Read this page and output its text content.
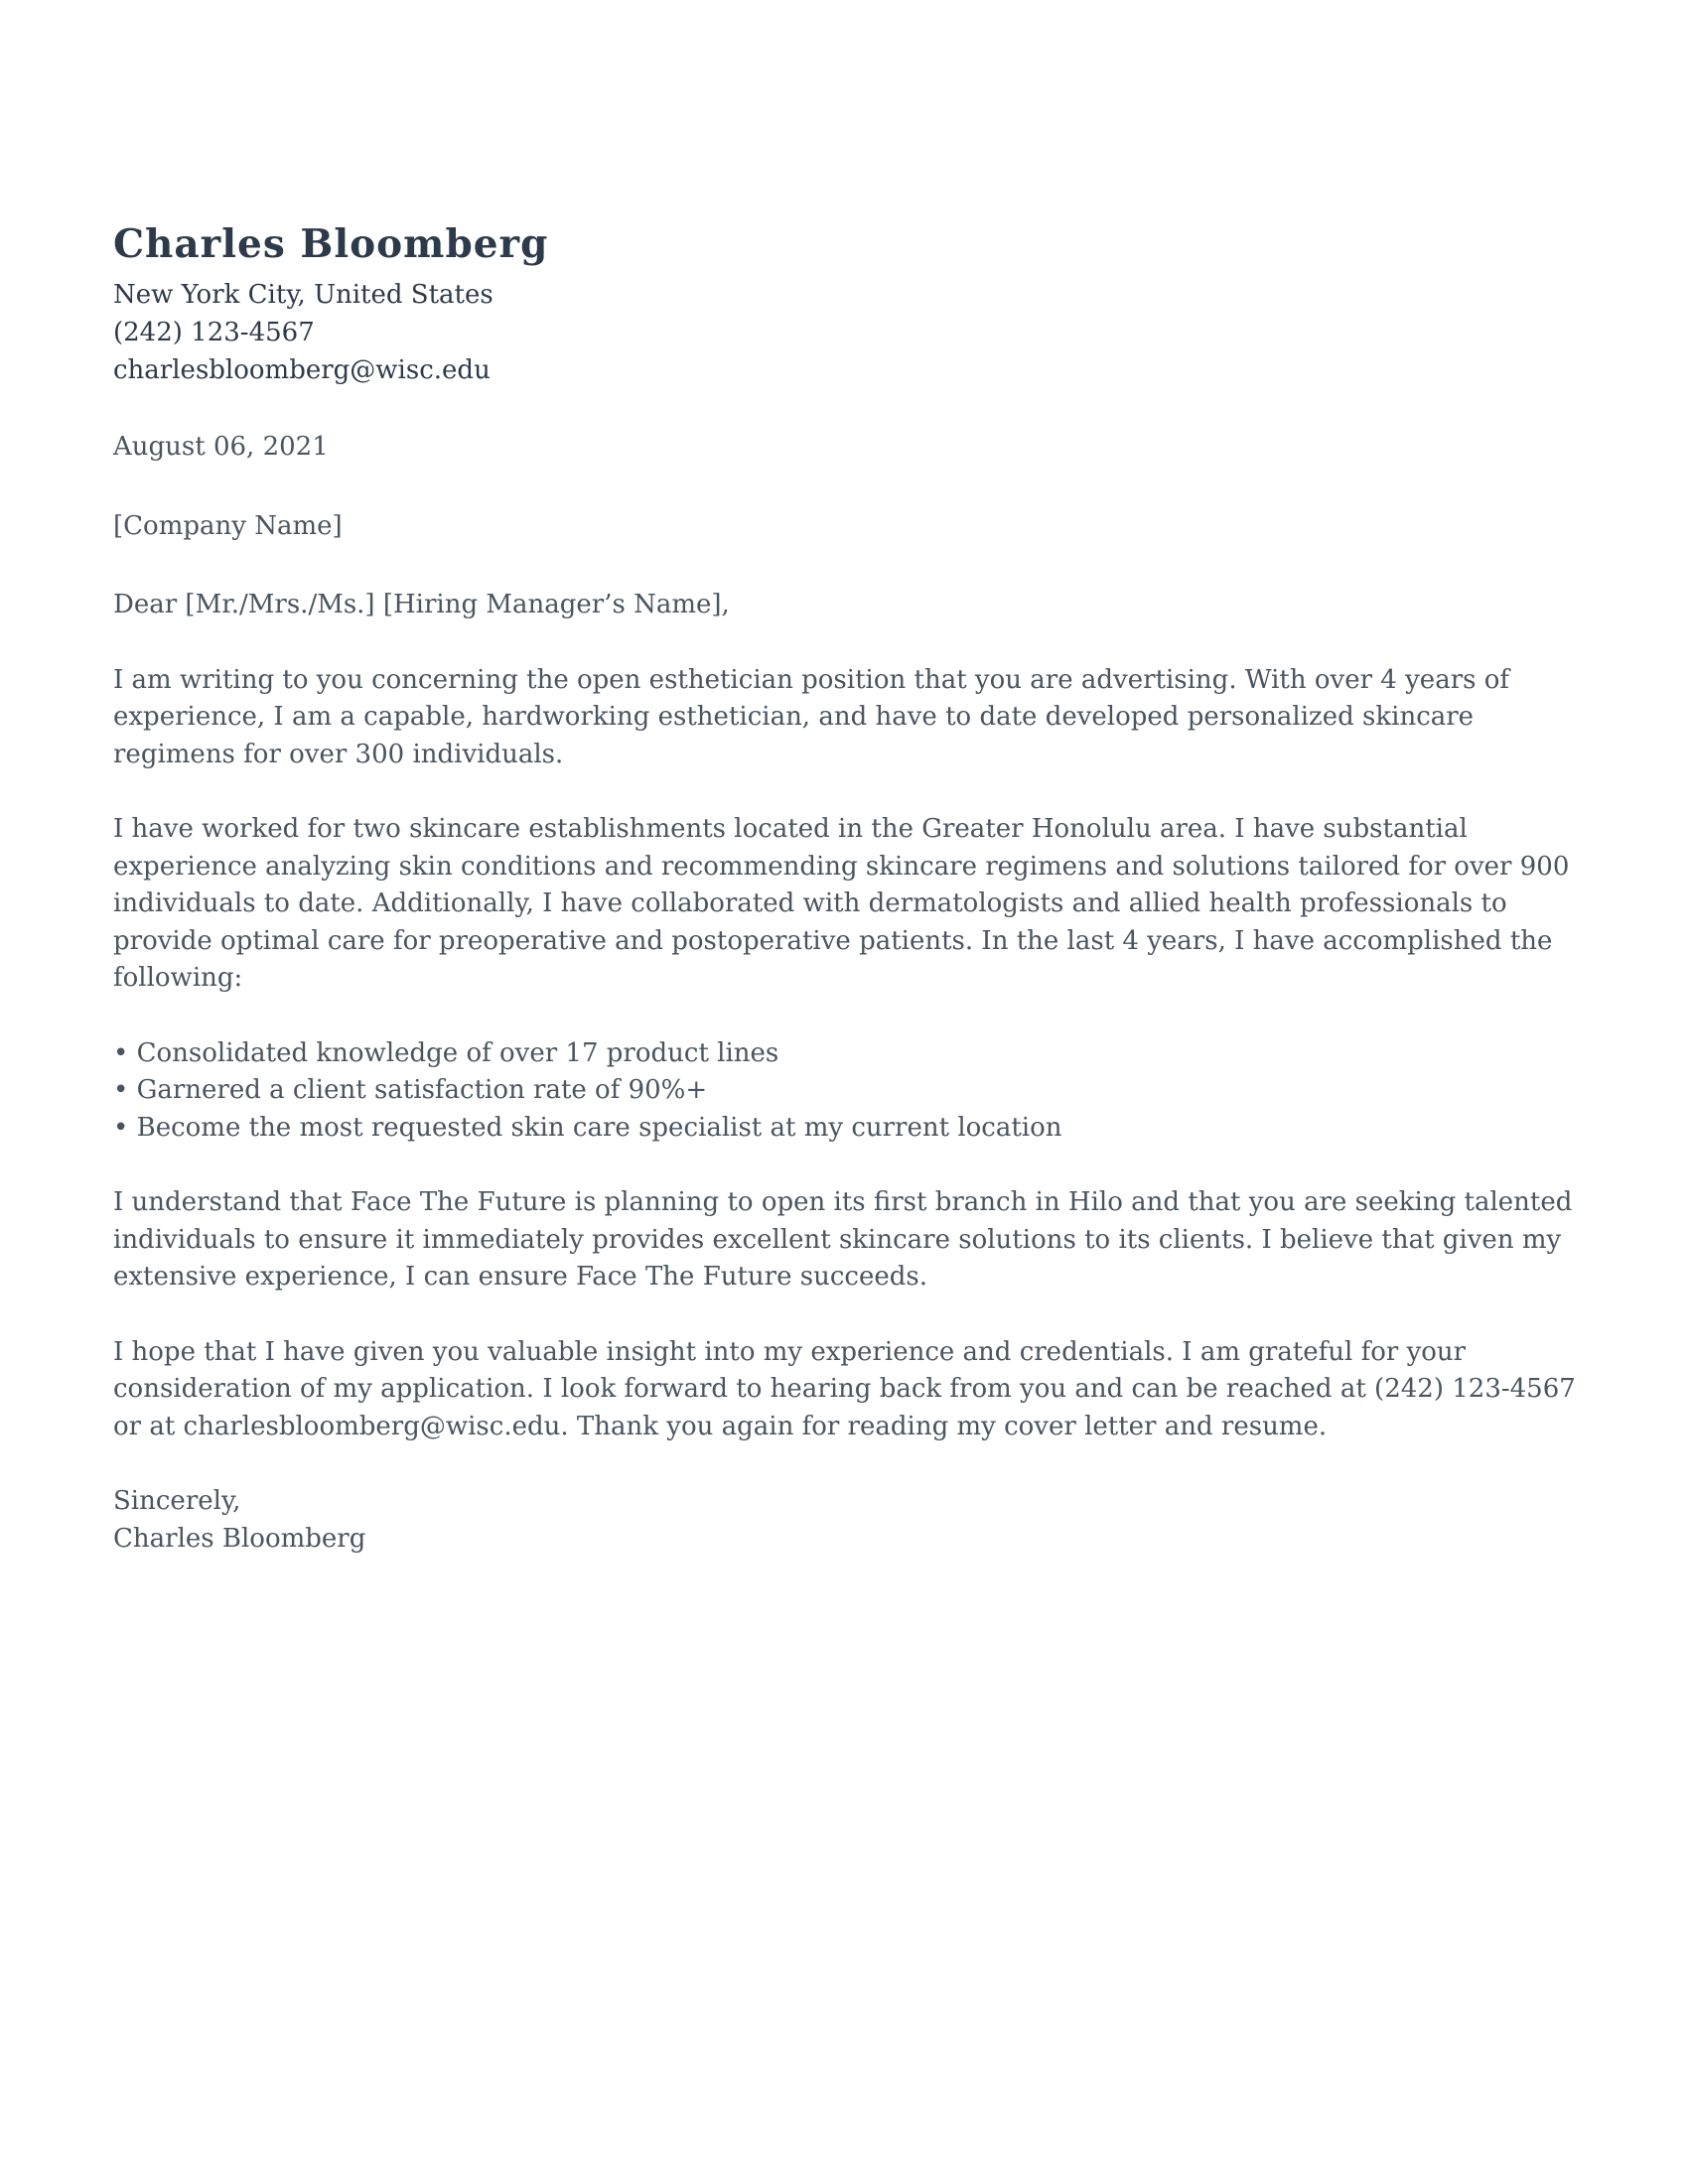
Charles Bloomberg
New York City, United States
(242) 123-4567
charlesbloomberg@wisc.edu
August 06, 2021
[Company Name]
Dear [Mr./Mrs./Ms.] [Hiring Manager’s Name],

I am writing to you concerning the open esthetician position that you are advertising. With over 4 years of experience, I am a capable, hardworking esthetician, and have to date developed personalized skincare regimens for over 300 individuals.

I have worked for two skincare establishments located in the Greater Honolulu area. I have substantial experience analyzing skin conditions and recommending skincare regimens and solutions tailored for over 900 individuals to date. Additionally, I have collaborated with dermatologists and allied health professionals to provide optimal care for preoperative and postoperative patients. In the last 4 years, I have accomplished the following:

• Consolidated knowledge of over 17 product lines
• Garnered a client satisfaction rate of 90%+
• Become the most requested skin care specialist at my current location

I understand that Face The Future is planning to open its first branch in Hilo and that you are seeking talented individuals to ensure it immediately provides excellent skincare solutions to its clients. I believe that given my extensive experience, I can ensure Face The Future succeeds.

I hope that I have given you valuable insight into my experience and credentials. I am grateful for your consideration of my application. I look forward to hearing back from you and can be reached at (242) 123-4567 or at charlesbloomberg@wisc.edu. Thank you again for reading my cover letter and resume.

Sincerely,
Charles Bloomberg
